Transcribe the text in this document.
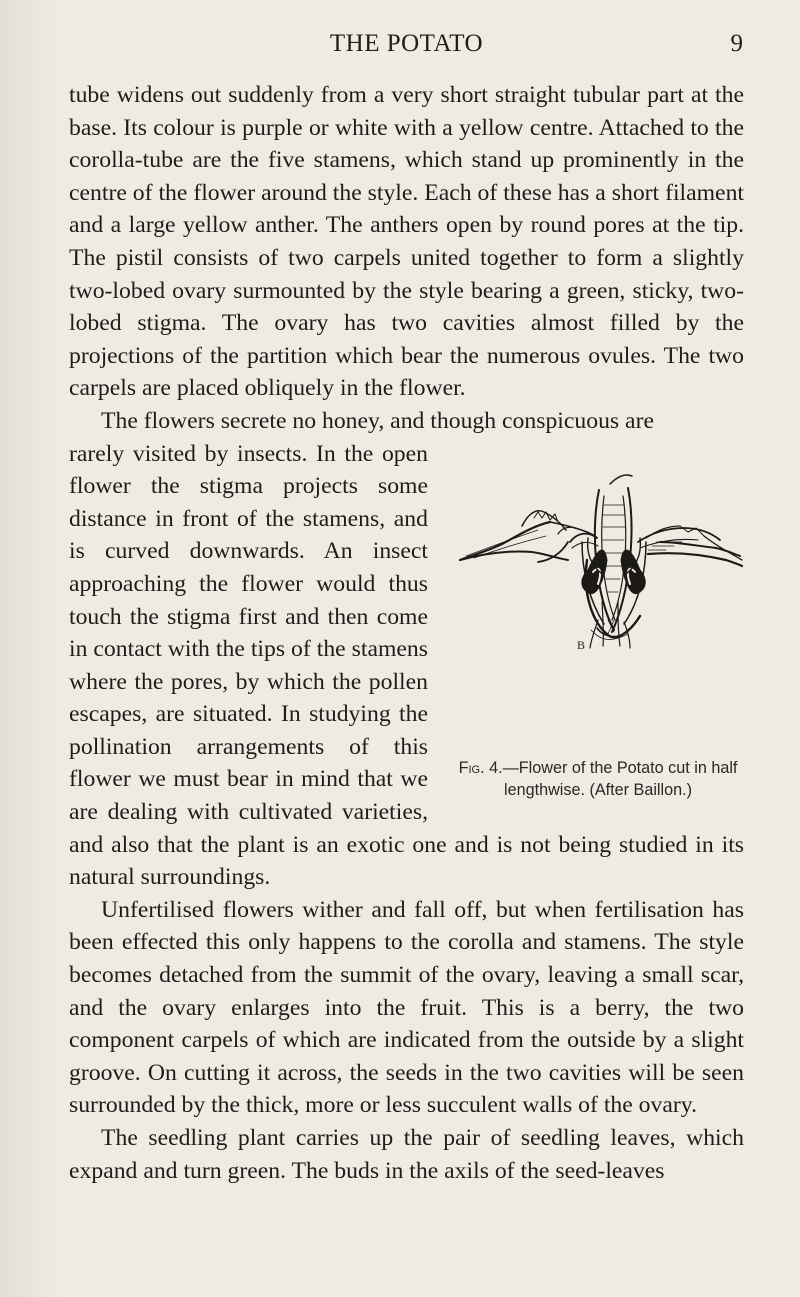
THE POTATO	9

tube widens out suddenly from a very short straight tubular part at the base. Its colour is purple or white with a yellow centre. Attached to the corolla-tube are the five stamens, which stand up prominently in the centre of the flower around the style. Each of these has a short filament and a large yellow anther. The anthers open by round pores at the tip. The pistil consists of two carpels united together to form a slightly two-lobed ovary surmounted by the style bearing a green, sticky, two-lobed stigma. The ovary has two cavities almost filled by the projections of the partition which bear the numerous ovules. The two carpels are placed obliquely in the flower.

The flowers secrete no honey, and though conspicuous are

B
Fig. 4.—Flower of the Potato cut in half lengthwise. (After Baillon.)

rarely visited by insects. In the open flower the stigma projects some distance in front of the stamens, and is curved downwards. An insect approaching the flower would thus touch the stigma first and then come in contact with the tips of the stamens where the pores, by which the pollen escapes, are situated. In studying the pollination arrangements of this flower we must bear in mind that we are dealing with cultivated varieties, and also that the plant is an exotic one and is not being studied in its natural surroundings.

Unfertilised flowers wither and fall off, but when fertilisation has been effected this only happens to the corolla and stamens. The style becomes detached from the summit of the ovary, leaving a small scar, and the ovary enlarges into the fruit. This is a berry, the two component carpels of which are indicated from the outside by a slight groove. On cutting it across, the seeds in the two cavities will be seen surrounded by the thick, more or less succulent walls of the ovary.

The seedling plant carries up the pair of seedling leaves, which expand and turn green. The buds in the axils of the seed-leaves
